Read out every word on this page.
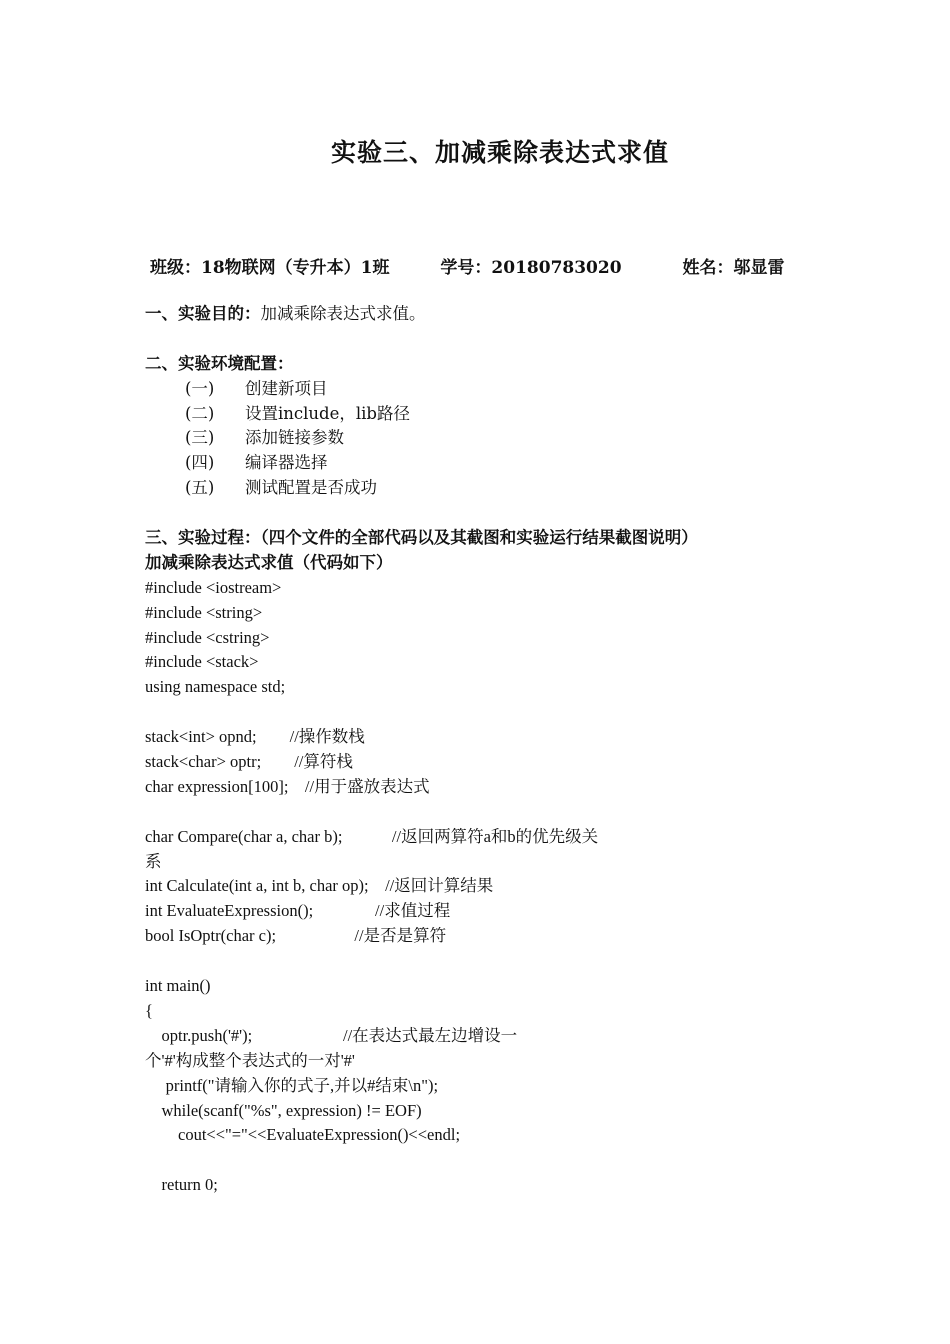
实验三、加减乘除表达式求值
班级：18物联网（专升本）1班	学号：20180783020	姓名：邬显雷
一、实验目的：加减乘除表达式求值。
二、实验环境配置：
(一) 创建新项目
(二) 设置include，lib路径
(三) 添加链接参数
(四) 编译器选择
(五) 测试配置是否成功
三、实验过程：（四个文件的全部代码以及其截图和实验运行结果截图说明）
加减乘除表达式求值（代码如下）
#include <iostream>
#include <string>
#include <cstring>
#include <stack>
using namespace std;
stack<int> opnd;        //操作数栈
stack<char> optr;        //算符栈
char expression[100];    //用于盛放表达式
char Compare(char a, char b);            //返回两算符a和b的优先级关
系
int Calculate(int a, int b, char op);    //返回计算结果
int EvaluateExpression();               //求值过程
bool IsOptr(char c);                   //是否是算符
int main()
{
optr.push('#');                      //在表达式最左边增设一
个'#'构成整个表达式的一对'#'
printf("请输入你的式子,并以#结束\n");
while(scanf("%s", expression) != EOF)
cout<<"="<<EvaluateExpression()<<endl;
return 0;
